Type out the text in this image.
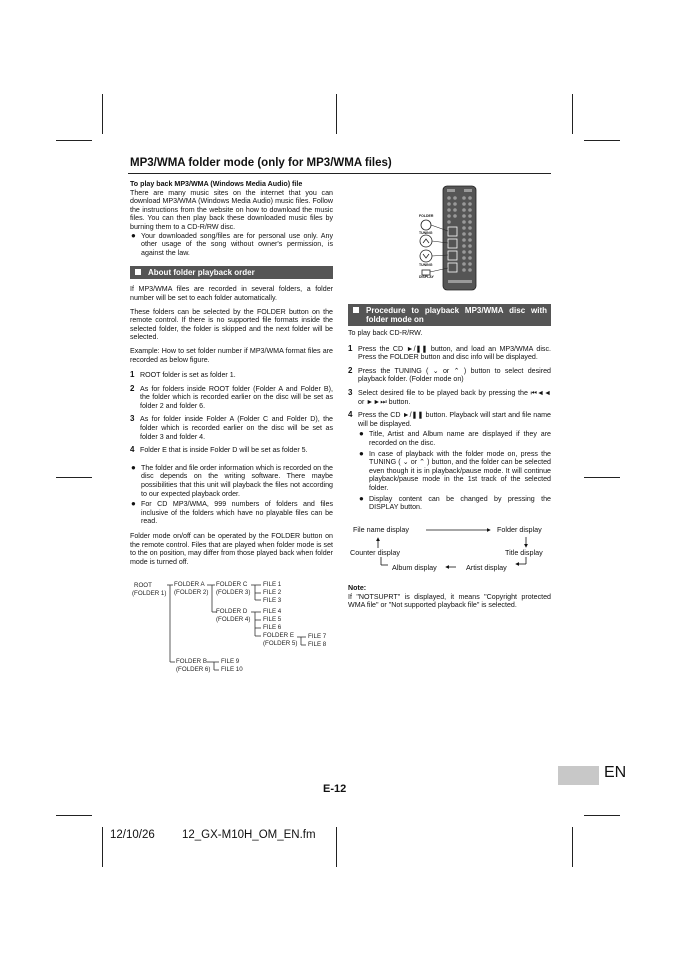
MP3/WMA folder mode (only for MP3/WMA files)

To play back MP3/WMA (Windows Media Audio) file

There are many music sites on the internet that you can download MP3/WMA (Windows Media Audio) music files. Follow the instructions from the website on how to download the music files. You can then play back these downloaded music files by burning them to a CD-R/RW disc.

● Your downloaded song/files are for personal use only. Any other usage of the song without owner's permission, is against the law.
About folder playback order

If MP3/WMA files are recorded in several folders, a folder number will be set to each folder automatically.

These folders can be selected by the FOLDER button on the remote control. If there is no supported file formats inside the selected folder, the folder is skipped and the next folder will be selected.

Example: How to set folder number if MP3/WMA format files are recorded as below figure.

1 ROOT folder is set as folder 1.
2 As for folders inside ROOT folder (Folder A and Folder B), the folder which is recorded earlier on the disc will be set as folder 2 and folder 6.
3 As for folder inside Folder A (Folder C and Folder D), the folder which is recorded earlier on the disc will be set as folder 3 and folder 4.
4 Folder E that is inside Folder D will be set as folder 5.
● The folder and file order information which is recorded on the disc depends on the writing software. There maybe possibilities that this unit will playback the files not according to our expected playback order.
● For CD MP3/WMA, 999 numbers of folders and files inclusive of the folders which have no playable files can be read.

Folder mode on/off can be operated by the FOLDER button on the remote control. Files that are played when folder mode is set to the on position, may differ from those played back when folder mode is turned off.

ROOT
(FOLDER 1)
FOLDER A
(FOLDER 2)
FOLDER C
(FOLDER 3)
FILE 1
FILE 2
FILE 3
FOLDER D
(FOLDER 4)
FILE 4
FILE 5
FILE 6
FOLDER E
(FOLDER 5)
FILE 7
FILE 8
FOLDER B
(FOLDER 6)
FILE 9
FILE 10
FOLDER
TUNING
TUNING
DISPLAY
Procedure to playback MP3/WMA disc with folder mode on

To play back CD-R/RW.

1 Press the CD ►/❚❚ button, and load an MP3/WMA disc. Press the FOLDER button and disc info will be displayed.
2 Press the TUNING ( ⌄ or ⌃ ) button to select desired playback folder. (Folder mode on)
3 Select desired file to be played back by pressing the ⏮◄◄ or ►►⏭ button.
4 Press the CD ►/❚❚ button. Playback will start and file name will be displayed.
● Title, Artist and Album name are displayed if they are recorded on the disc.
● In case of playback with the folder mode on, press the TUNING ( ⌄ or ⌃ ) button, and the folder can be selected even though it is in playback/pause mode. It will continue playback/pause mode in the 1st track of the selected folder.
● Display content can be changed by pressing the DISPLAY button.
File name display	Folder display
Counter display	Title display
Album display	Artist display

Note:

If "NOTSUPRT" is displayed, it means "Copyright protected WMA file" or "Not supported playback file" is selected.

EN
E-12
12/10/26 12_GX-M10H_OM_EN.fm
